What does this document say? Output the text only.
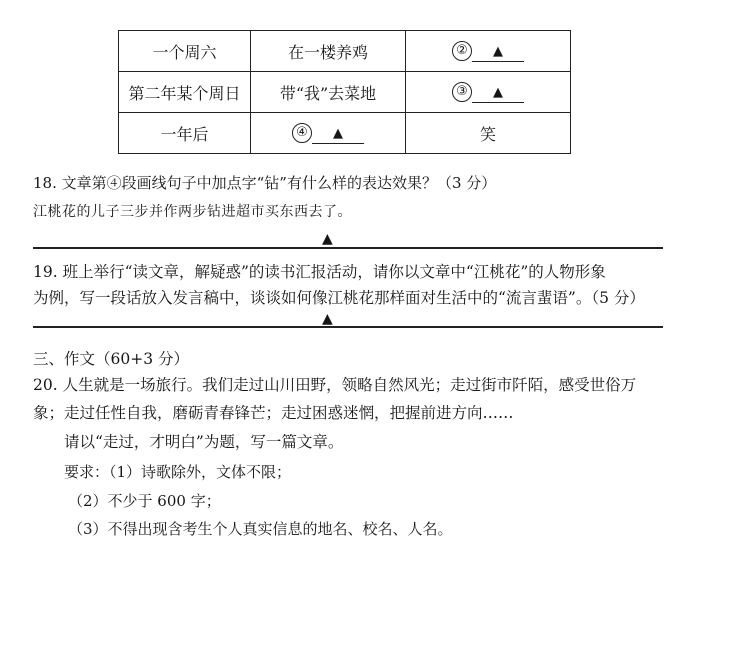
一个周六	在一楼养鸡	② ▲
第二年某个周日	带“我”去菜地	③ ▲
一年后	④ ▲	笑
18. 文章第④段画线句子中加点字“钻”有什么样的表达效果？（3 分）
江桃花的儿子三步并作两步钻进超市买东西去了。
▲
19. 班上举行“读文章，解疑惑”的读书汇报活动，请你以文章中“江桃花”的人物形象
为例，写一段话放入发言稿中，谈谈如何像江桃花那样面对生活中的“流言蜚语”。（5 分）
▲
三、作文（60+3 分）
20. 人生就是一场旅行。我们走过山川田野，领略自然风光；走过街市阡陌，感受世俗万
象；走过任性自我，磨砺青春锋芒；走过困惑迷惘，把握前进方向……
请以“走过，才明白”为题，写一篇文章。
要求：（1）诗歌除外，文体不限；
（2）不少于 600 字；
（3）不得出现含考生个人真实信息的地名、校名、人名。
